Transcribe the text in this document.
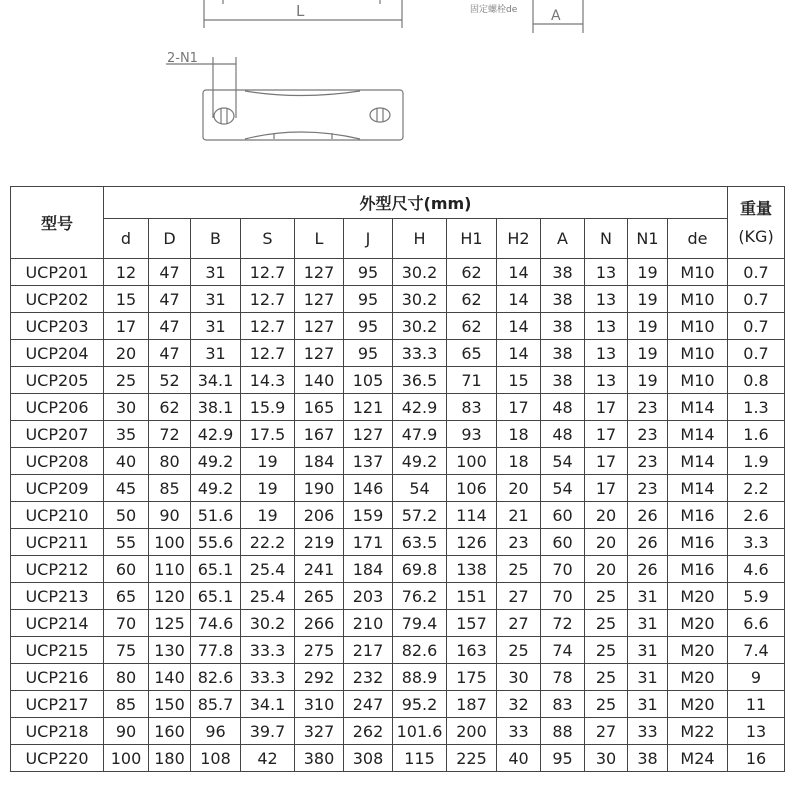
L	A
固定螺栓de
2-N1
型号	外型尺寸(mm)													重量
(KG)

	d	D	B	S	L	J	H	H1	H2	A	N	N1	de	
UCP201	12	47	31	12.7	127	95	30.2	62	14	38	13	19	M10	0.7
UCP202	15	47	31	12.7	127	95	30.2	62	14	38	13	19	M10	0.7
UCP203	17	47	31	12.7	127	95	30.2	62	14	38	13	19	M10	0.7
UCP204	20	47	31	12.7	127	95	33.3	65	14	38	13	19	M10	0.7
UCP205	25	52	34.1	14.3	140	105	36.5	71	15	38	13	19	M10	0.8
UCP206	30	62	38.1	15.9	165	121	42.9	83	17	48	17	23	M14	1.3
UCP207	35	72	42.9	17.5	167	127	47.9	93	18	48	17	23	M14	1.6
UCP208	40	80	49.2	19	184	137	49.2	100	18	54	17	23	M14	1.9
UCP209	45	85	49.2	19	190	146	54	106	20	54	17	23	M14	2.2
UCP210	50	90	51.6	19	206	159	57.2	114	21	60	20	26	M16	2.6
UCP211	55	100	55.6	22.2	219	171	63.5	126	23	60	20	26	M16	3.3
UCP212	60	110	65.1	25.4	241	184	69.8	138	25	70	20	26	M16	4.6
UCP213	65	120	65.1	25.4	265	203	76.2	151	27	70	25	31	M20	5.9
UCP214	70	125	74.6	30.2	266	210	79.4	157	27	72	25	31	M20	6.6
UCP215	75	130	77.8	33.3	275	217	82.6	163	25	74	25	31	M20	7.4
UCP216	80	140	82.6	33.3	292	232	88.9	175	30	78	25	31	M20	9
UCP217	85	150	85.7	34.1	310	247	95.2	187	32	83	25	31	M20	11
UCP218	90	160	96	39.7	327	262	101.6	200	33	88	27	33	M22	13
UCP220	100	180	108	42	380	308	115	225	40	95	30	38	M24	16
